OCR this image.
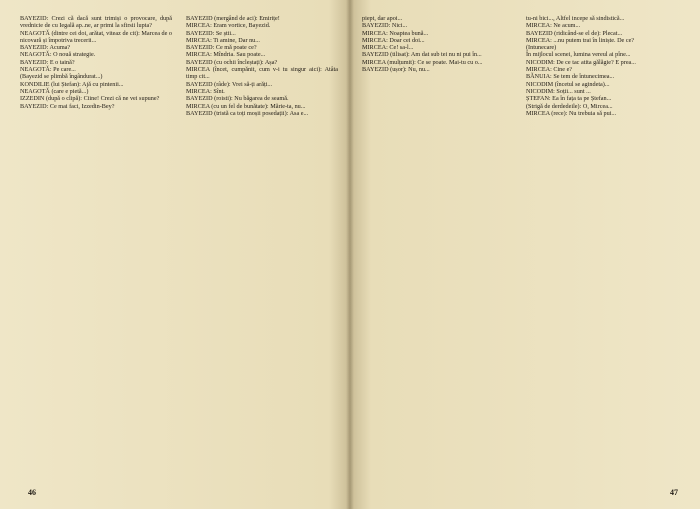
BAYEZID: Crezi că dacă sunt trimiși o provocare, după vrednicie de cu Iegală ap..ne, ar primi la sfirsii lupta?

NEAGOTĂ (dintre cei doi, arătat, viteaz de cit): Marcea de o nicovară și împotriva trecerii...

BAYEZID: Acuma?

NEAGOTĂ: O nouă strategie.

BAYEZID: E o taină?

NEAGOTĂ: Pe care...

(Bayezid se plimbă îngândurat...)

KONDILIE (lui Ștefan): Ajă cu pintenii...

NEAGOTĂ (care e pietă...)

IZZEDIN (după o clipă): Ciine! Crezi că ne vei supune?

BAYEZID: Ce mai faci, Izzedin-Bey?

BAYEZID (mergând de aci): Emirițe!

MIRCEA: Eram vortice, Bayezid.

BAYEZID: Se știi...

MIRCEA: Ti amine, Dar nu...

BAYEZID: Ce mă poate ce?

MIRCEA: Mîndria. Sau poate...

BAYEZID (cu ochii încleștați): Așa?

MIRCEA (încet, cumpănit, cum v-i tu singur aici): Atâta timp cit...

BAYEZID (râde): Vrei să-ți arăți...

MIRCEA: Sînt.

BAYEZID (roisti): Nu băgarea de seamă.

MIRCEA (cu un fel de bunătate): Mărie-ta, nu...

BAYEZID (tristă ca toți moșii posedații): Asa e...

46

piept, dar apoi...

BAYEZID: Nici...

MIRCEA: Noaptea bună...

MIRCEA: Doar cei doi...

MIRCEA: Ce! sa-l...

BAYEZID (tilisat): Am dat sub tei nu ni pui în...

MIRCEA (mulțumit): Ce se poate. Mai-tu cu o...

BAYEZID (ușor): Nu, nu...

tu-ni bici..., Altfel incepe să sindistică...

MIRCEA: Ne acum...

BAYEZID (ridicând-se el de): Plecat...

MIRCEA: ...nu putem trai în liniște. De ce?

(Intunecare)

În mijlocul scenei, lumina vereul ai pîne...

NICODIM: De ce tac atita gălăgie? E prea...

MIRCEA: Cine e?

BĂNUIA: Se tem de întunecimea...

NICODIM (încetul se agindeta)...

NICODIM: Soții... sunt ...

ȘTEFAN: Ea în fața ta pe Ștefan...

(Strigă de derdedeile): O, Mircea...

MIRCEA (rece): Nu trebuia să pui...

47
